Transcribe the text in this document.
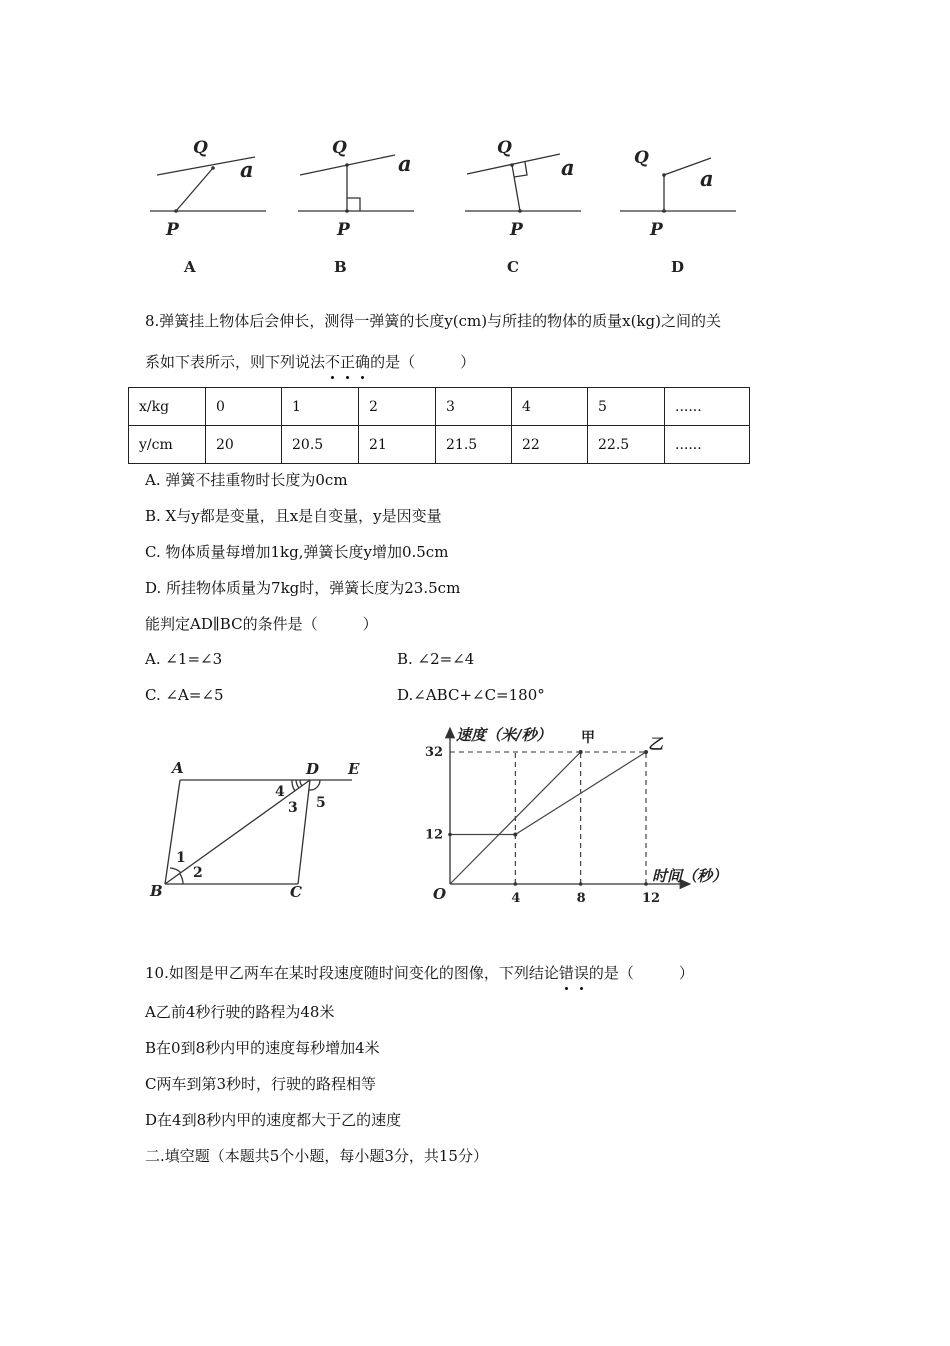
Q
a
P
Q
a
P
Q
a
P
Q
a
P
A	B	C	D
8.弹簧挂上物体后会伸长，测得一弹簧的长度y(cm)与所挂的物体的质量x(kg)之间的关
系如下表所示，则下列说法不正确的是（　　　）
x/kg	0	1	2	3	4	5	......
y/cm	20	20.5	21	21.5	22	22.5	......
A. 弹簧不挂重物时长度为0cm
B. X与y都是变量，且x是自变量，y是因变量
C. 物体质量每增加1kg,弹簧长度y增加0.5cm
D. 所挂物体质量为7kg时，弹簧长度为23.5cm
能判定AD∥BC的条件是（　　　）
A. ∠1=∠3	B. ∠2=∠4
C. ∠A=∠5	D.∠ABC+∠C=180°
A	D E
B	C
1
2
3
4
5
4	8	12
12
32
O
速度（米/秒）
时间（秒）
甲	乙
10.如图是甲乙两车在某时段速度随时间变化的图像，下列结论错误的是（　　　）
A乙前4秒行驶的路程为48米
B在0到8秒内甲的速度每秒增加4米
C两车到第3秒时，行驶的路程相等
D在4到8秒内甲的速度都大于乙的速度
二.填空题（本题共5个小题，每小题3分，共15分）
